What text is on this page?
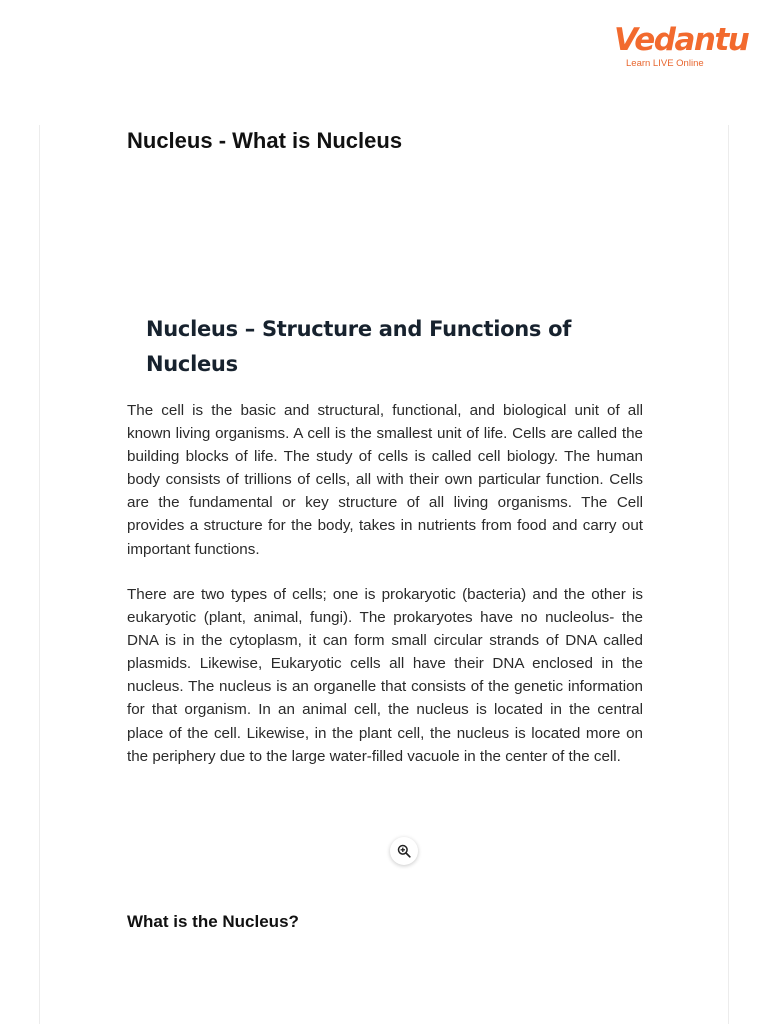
Vedantu
Learn LIVE Online
Nucleus - What is Nucleus
Nucleus – Structure and Functions of Nucleus

The cell is the basic and structural, functional, and biological unit of all known living organisms. A cell is the smallest unit of life. Cells are called the building blocks of life. The study of cells is called cell biology. The human body consists of trillions of cells, all with their own particular function. Cells are the fundamental or key structure of all living organisms. The Cell provides a structure for the body, takes in nutrients from food and carry out important functions.

There are two types of cells; one is prokaryotic (bacteria) and the other is eukaryotic (plant, animal, fungi). The prokaryotes have no nucleolus- the DNA is in the cytoplasm, it can form small circular strands of DNA called plasmids. Likewise, Eukaryotic cells all have their DNA enclosed in the nucleus. The nucleus is an organelle that consists of the genetic information for that organism. In an animal cell, the nucleus is located in the central place of the cell. Likewise, in the plant cell, the nucleus is located more on the periphery due to the large water-filled vacuole in the center of the cell.

What is the Nucleus?
